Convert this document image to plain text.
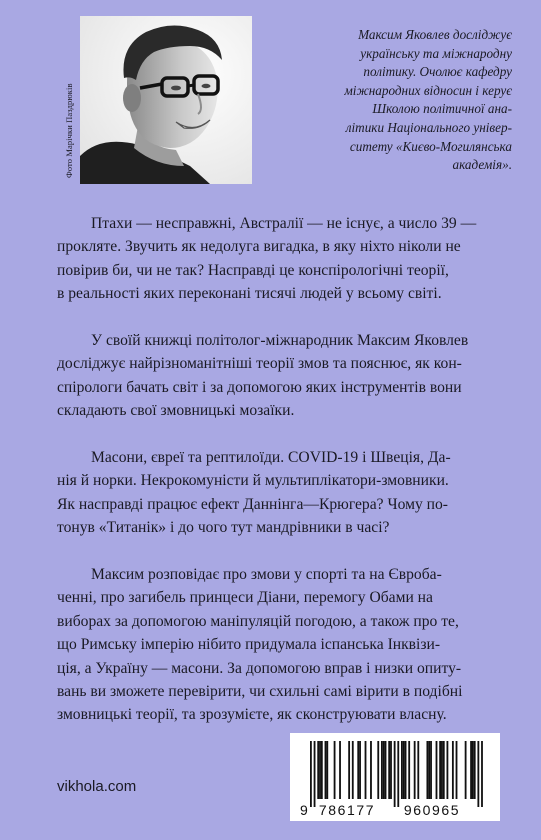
Фото Марічки Паздрюків
Максим Яковлев досліджує
українську та міжнародну
політику. Очолює кафедру
міжнародних відносин і керує
Школою політичної ана-
літики Національного універ-
ситету «Києво-Могилянська
академія».
Птахи — несправжні, Австралії — не існує, а число 39 —
прокляте. Звучить як недолуга вигадка, в яку ніхто ніколи не
повірив би, чи не так? Насправді це конспірологічні теорії,
в реальності яких переконані тисячі людей у всьому світі.
У своїй книжці політолог-міжнародник Максим Яковлев
досліджує найрізноманітніші теорії змов та пояснює, як кон-
спірологи бачать світ і за допомогою яких інструментів вони
складають свої змовницькі мозаїки.
Масони, євреї та рептилоїди. COVID-19 і Швеція, Да-
нія й норки. Некрокомуністи й мультиплікатори-змовники.
Як насправді працює ефект Даннінга—Крюгера? Чому по-
тонув «Титанік» і до чого тут мандрівники в часі?
Максим розповідає про змови у спорті та на Євроба-
ченні, про загибель принцеси Діани, перемогу Обами на
виборах за допомогою маніпуляцій погодою, а також про те,
що Римську імперію нібито придумала іспанська Інквізи-
ція, а Україну — масони. За допомогою вправ і низки опиту-
вань ви зможете перевірити, чи схильні самі вірити в подібні
змовницькі теорії, та зрозумієте, як сконструювати власну.
vikhola.com
9 786177 960965
